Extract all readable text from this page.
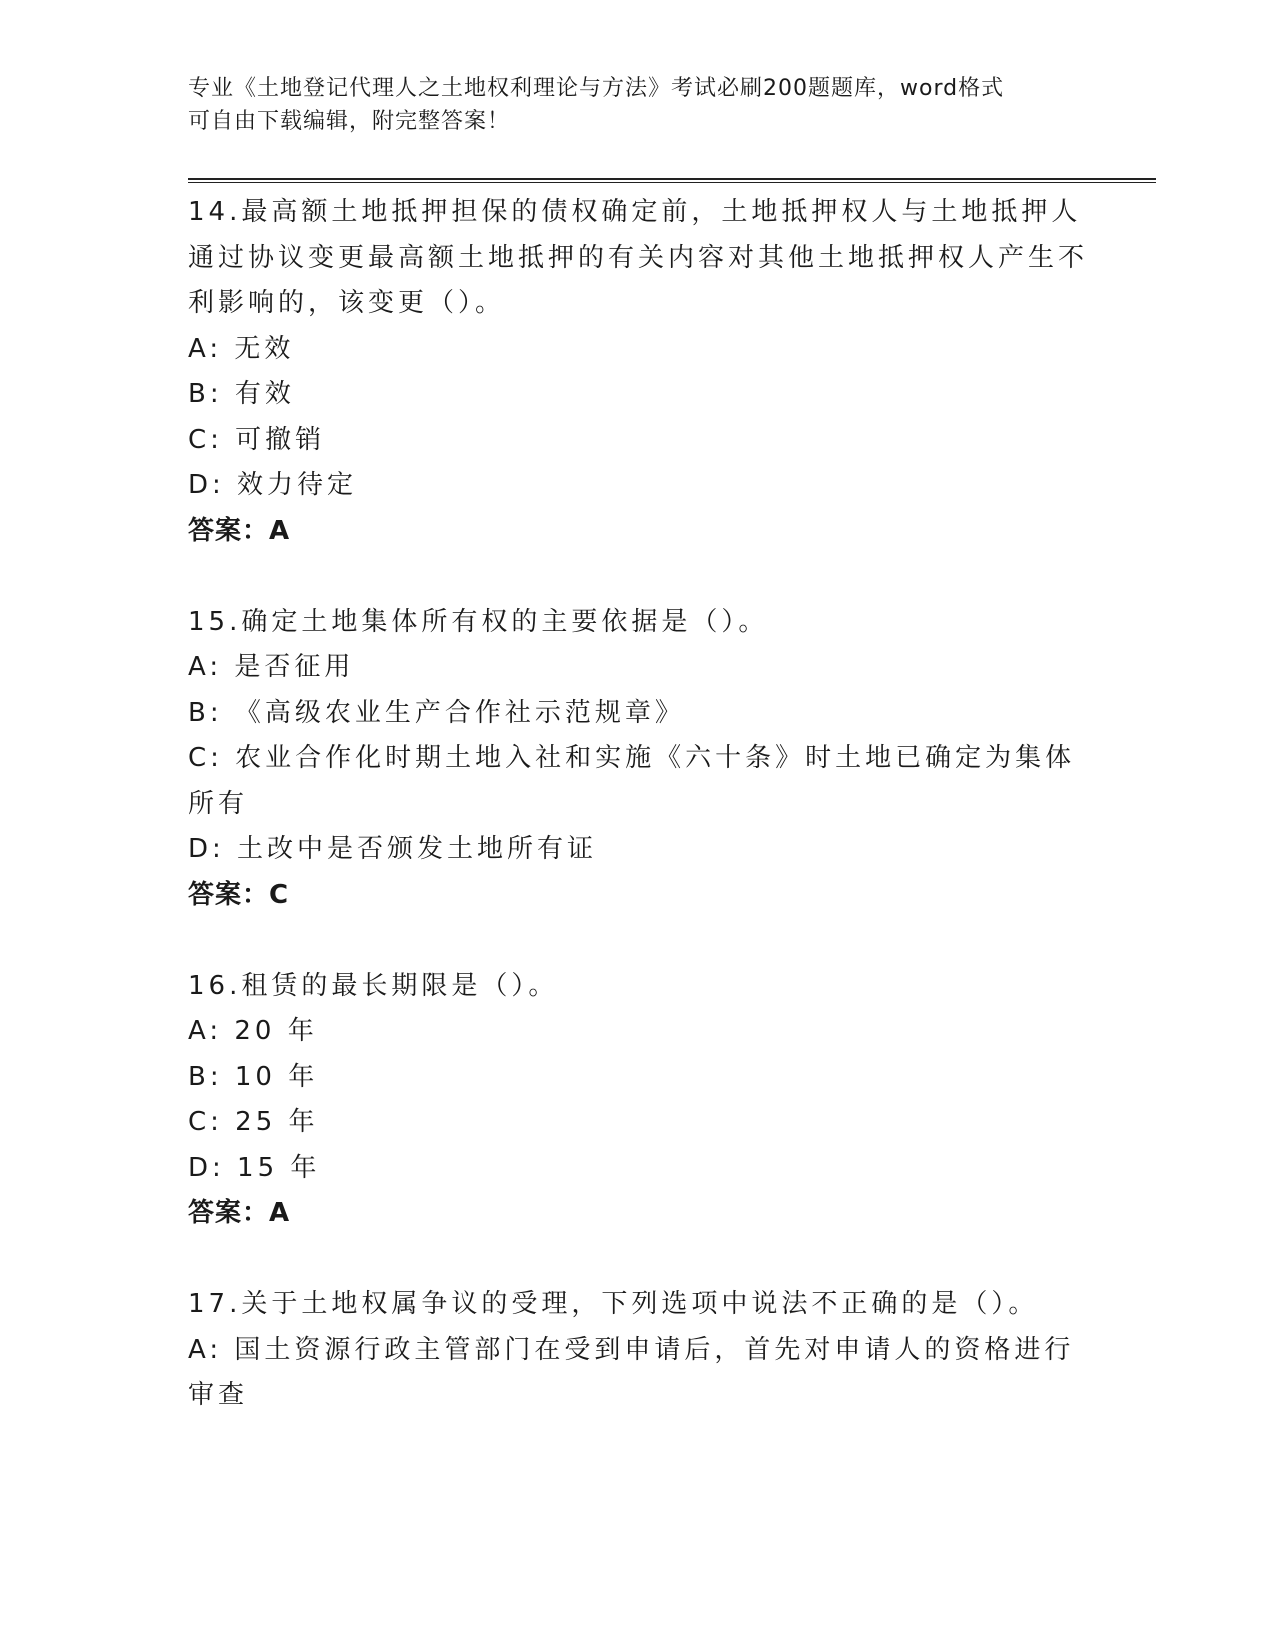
专业《土地登记代理人之土地权利理论与方法》考试必刷200题题库，word格式
可自由下载编辑，附完整答案！

14.最高额土地抵押担保的债权确定前，土地抵押权人与土地抵押人通过协议变更最高额土地抵押的有关内容对其他土地抵押权人产生不利影响的，该变更（）。

A: 无效

B: 有效

C: 可撤销

D: 效力待定

答案：A

15.确定土地集体所有权的主要依据是（）。

A: 是否征用

B: 《高级农业生产合作社示范规章》

C: 农业合作化时期土地入社和实施《六十条》时土地已确定为集体所有

D: 土改中是否颁发土地所有证

答案：C

16.租赁的最长期限是（）。

A: 20 年

B: 10 年

C: 25 年

D: 15 年

答案：A

17.关于土地权属争议的受理，下列选项中说法不正确的是（）。

A: 国土资源行政主管部门在受到申请后，首先对申请人的资格进行审查
